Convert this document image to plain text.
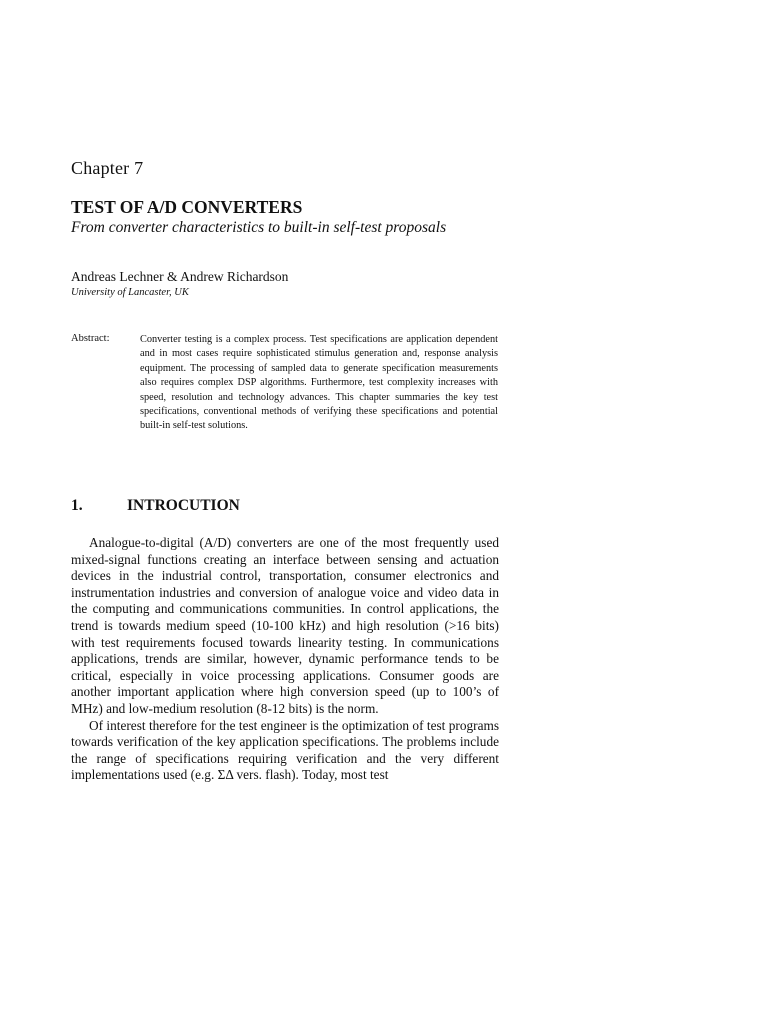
Chapter 7
TEST OF A/D CONVERTERS
From converter characteristics to built-in self-test proposals
Andreas Lechner & Andrew Richardson
University of Lancaster, UK
Abstract:	Converter testing is a complex process. Test specifications are application dependent and in most cases require sophisticated stimulus generation and, response analysis equipment. The processing of sampled data to generate specification measurements also requires complex DSP algorithms. Furthermore, test complexity increases with speed, resolution and technology advances. This chapter summaries the key test specifications, conventional methods of verifying these specifications and potential built-in self-test solutions.
1.	INTROCUTION

Analogue-to-digital (A/D) converters are one of the most frequently used mixed-signal functions creating an interface between sensing and actuation devices in the industrial control, transportation, consumer electronics and instrumentation industries and conversion of analogue voice and video data in the computing and communications communities. In control applications, the trend is towards medium speed (10-100 kHz) and high resolution (>16 bits) with test requirements focused towards linearity testing. In communications applications, trends are similar, however, dynamic performance tends to be critical, especially in voice processing applications. Consumer goods are another important application where high conversion speed (up to 100’s of MHz) and low-medium resolution (8-12 bits) is the norm.

Of interest therefore for the test engineer is the optimization of test programs towards verification of the key application specifications. The problems include the range of specifications requiring verification and the very different implementations used (e.g. ΣΔ vers. flash). Today, most test
